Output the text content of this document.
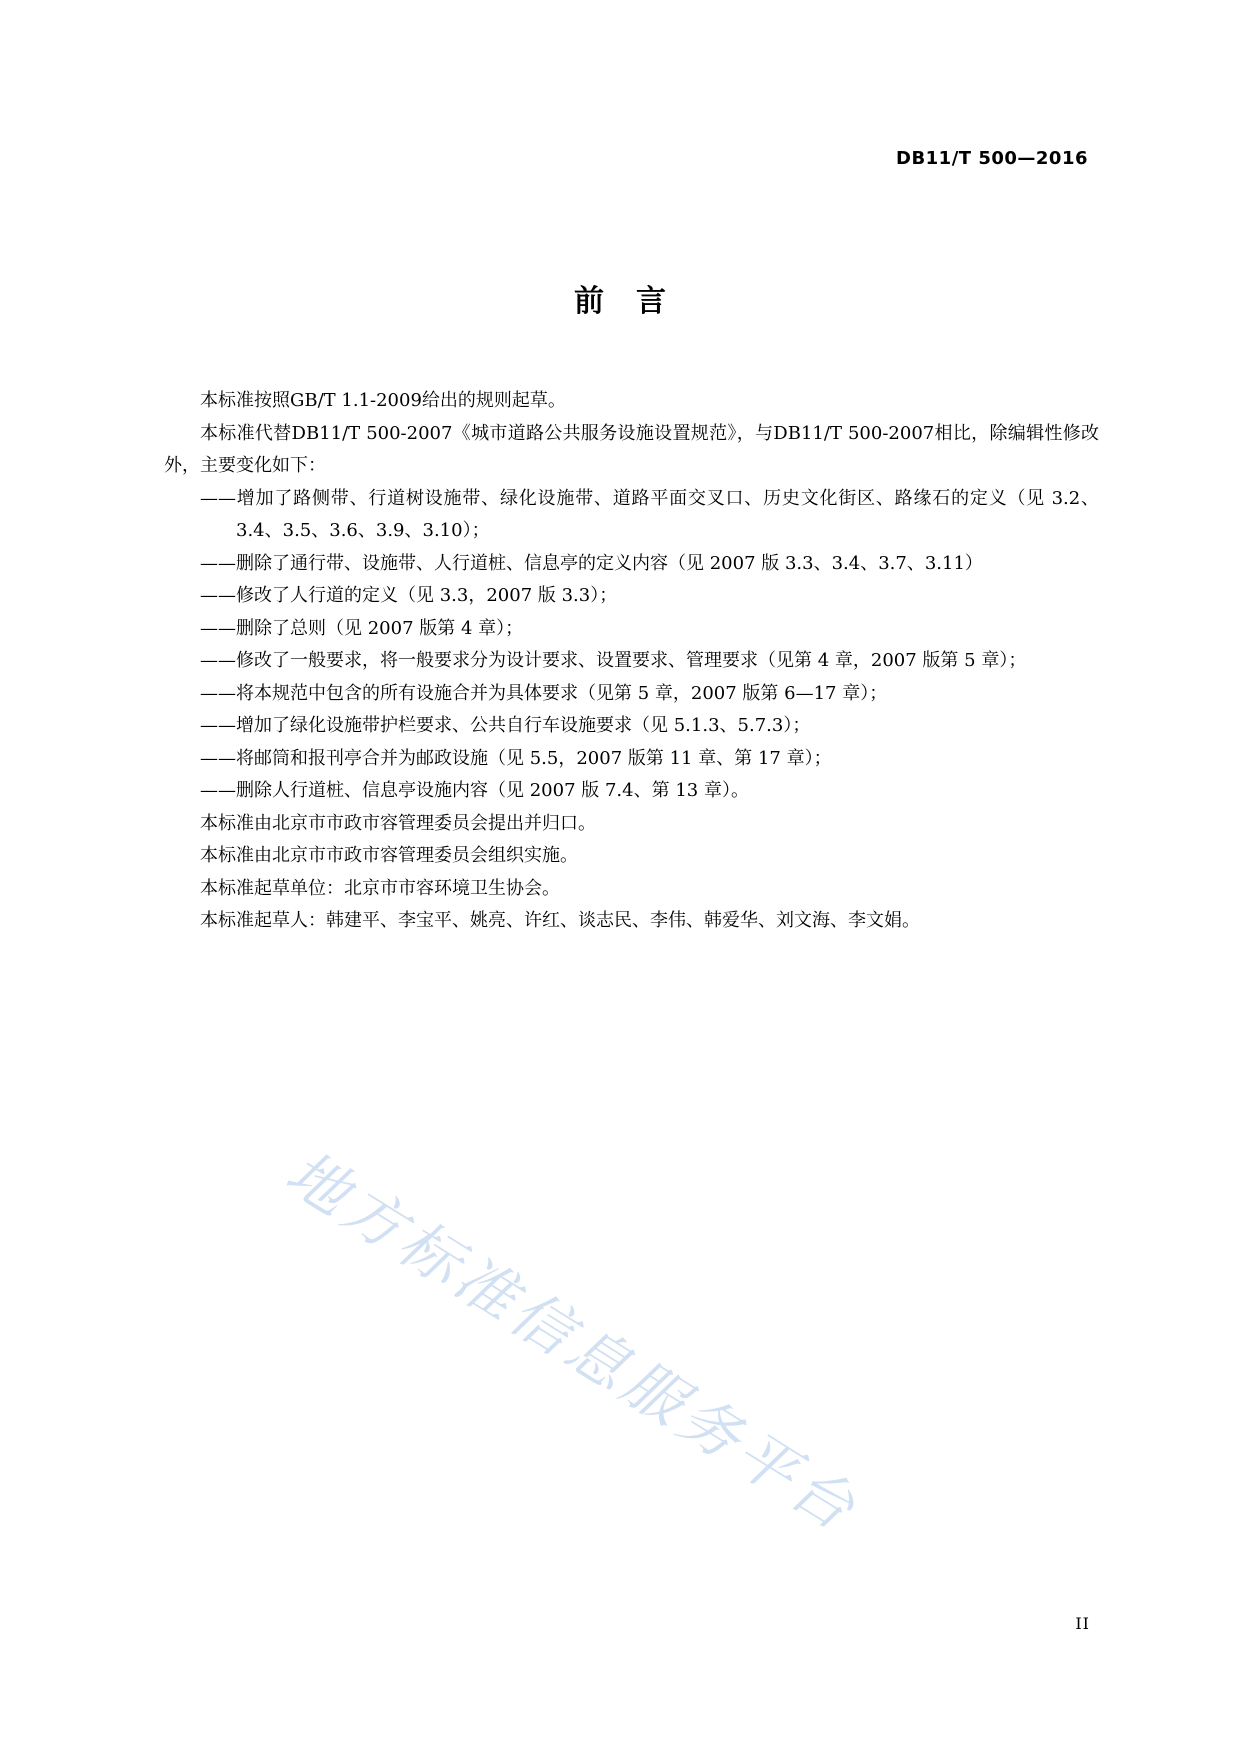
DB11/T 500—2016
前言

本标准按照GB/T 1.1-2009给出的规则起草。

本标准代替DB11/T 500-2007《城市道路公共服务设施设置规范》，与DB11/T 500-2007相比，除编辑性修改外，主要变化如下：

——增加了路侧带、行道树设施带、绿化设施带、道路平面交叉口、历史文化街区、路缘石的定义（见 3.2、3.4、3.5、3.6、3.9、3.10）；

——删除了通行带、设施带、人行道桩、信息亭的定义内容（见 2007 版 3.3、3.4、3.7、3.11）

——修改了人行道的定义（见 3.3，2007 版 3.3）；

——删除了总则（见 2007 版第 4 章）；

——修改了一般要求，将一般要求分为设计要求、设置要求、管理要求（见第 4 章，2007 版第 5 章）；

——将本规范中包含的所有设施合并为具体要求（见第 5 章，2007 版第 6—17 章）；

——增加了绿化设施带护栏要求、公共自行车设施要求（见 5.1.3、5.7.3）；

——将邮筒和报刊亭合并为邮政设施（见 5.5，2007 版第 11 章、第 17 章）；

——删除人行道桩、信息亭设施内容（见 2007 版 7.4、第 13 章）。

本标准由北京市市政市容管理委员会提出并归口。

本标准由北京市市政市容管理委员会组织实施。

本标准起草单位：北京市市容环境卫生协会。

本标准起草人：韩建平、李宝平、姚亮、许红、谈志民、李伟、韩爱华、刘文海、李文娟。

地方标准信息服务平台
II
